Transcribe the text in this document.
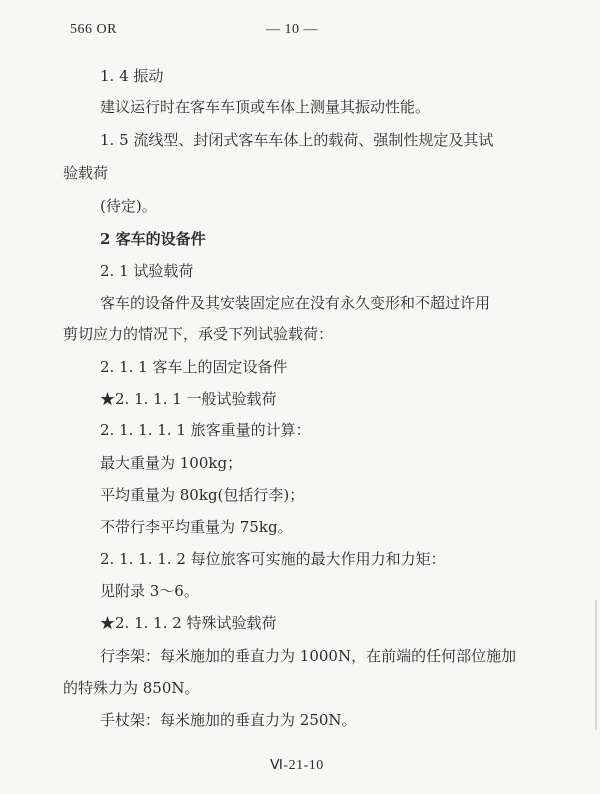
566 OR	— 10 —
1. 4 振动
建议运行时在客车车顶或车体上测量其振动性能。
1. 5 流线型、封闭式客车车体上的载荷、强制性规定及其试
验载荷
(待定)。
2 客车的设备件
2. 1 试验载荷
客车的设备件及其安装固定应在没有永久变形和不超过许用
剪切应力的情况下，承受下列试验载荷：
2. 1. 1 客车上的固定设备件
★2. 1. 1. 1 一般试验载荷
2. 1. 1. 1. 1 旅客重量的计算：
最大重量为 100kg；
平均重量为 80kg(包括行李)；
不带行李平均重量为 75kg。
2. 1. 1. 1. 2 每位旅客可实施的最大作用力和力矩：
见附录 3～6。
★2. 1. 1. 2 特殊试验载荷
行李架：每米施加的垂直力为 1000N，在前端的任何部位施加
的特殊力为 850N。
手杖架：每米施加的垂直力为 250N。
Ⅵ-21-10
